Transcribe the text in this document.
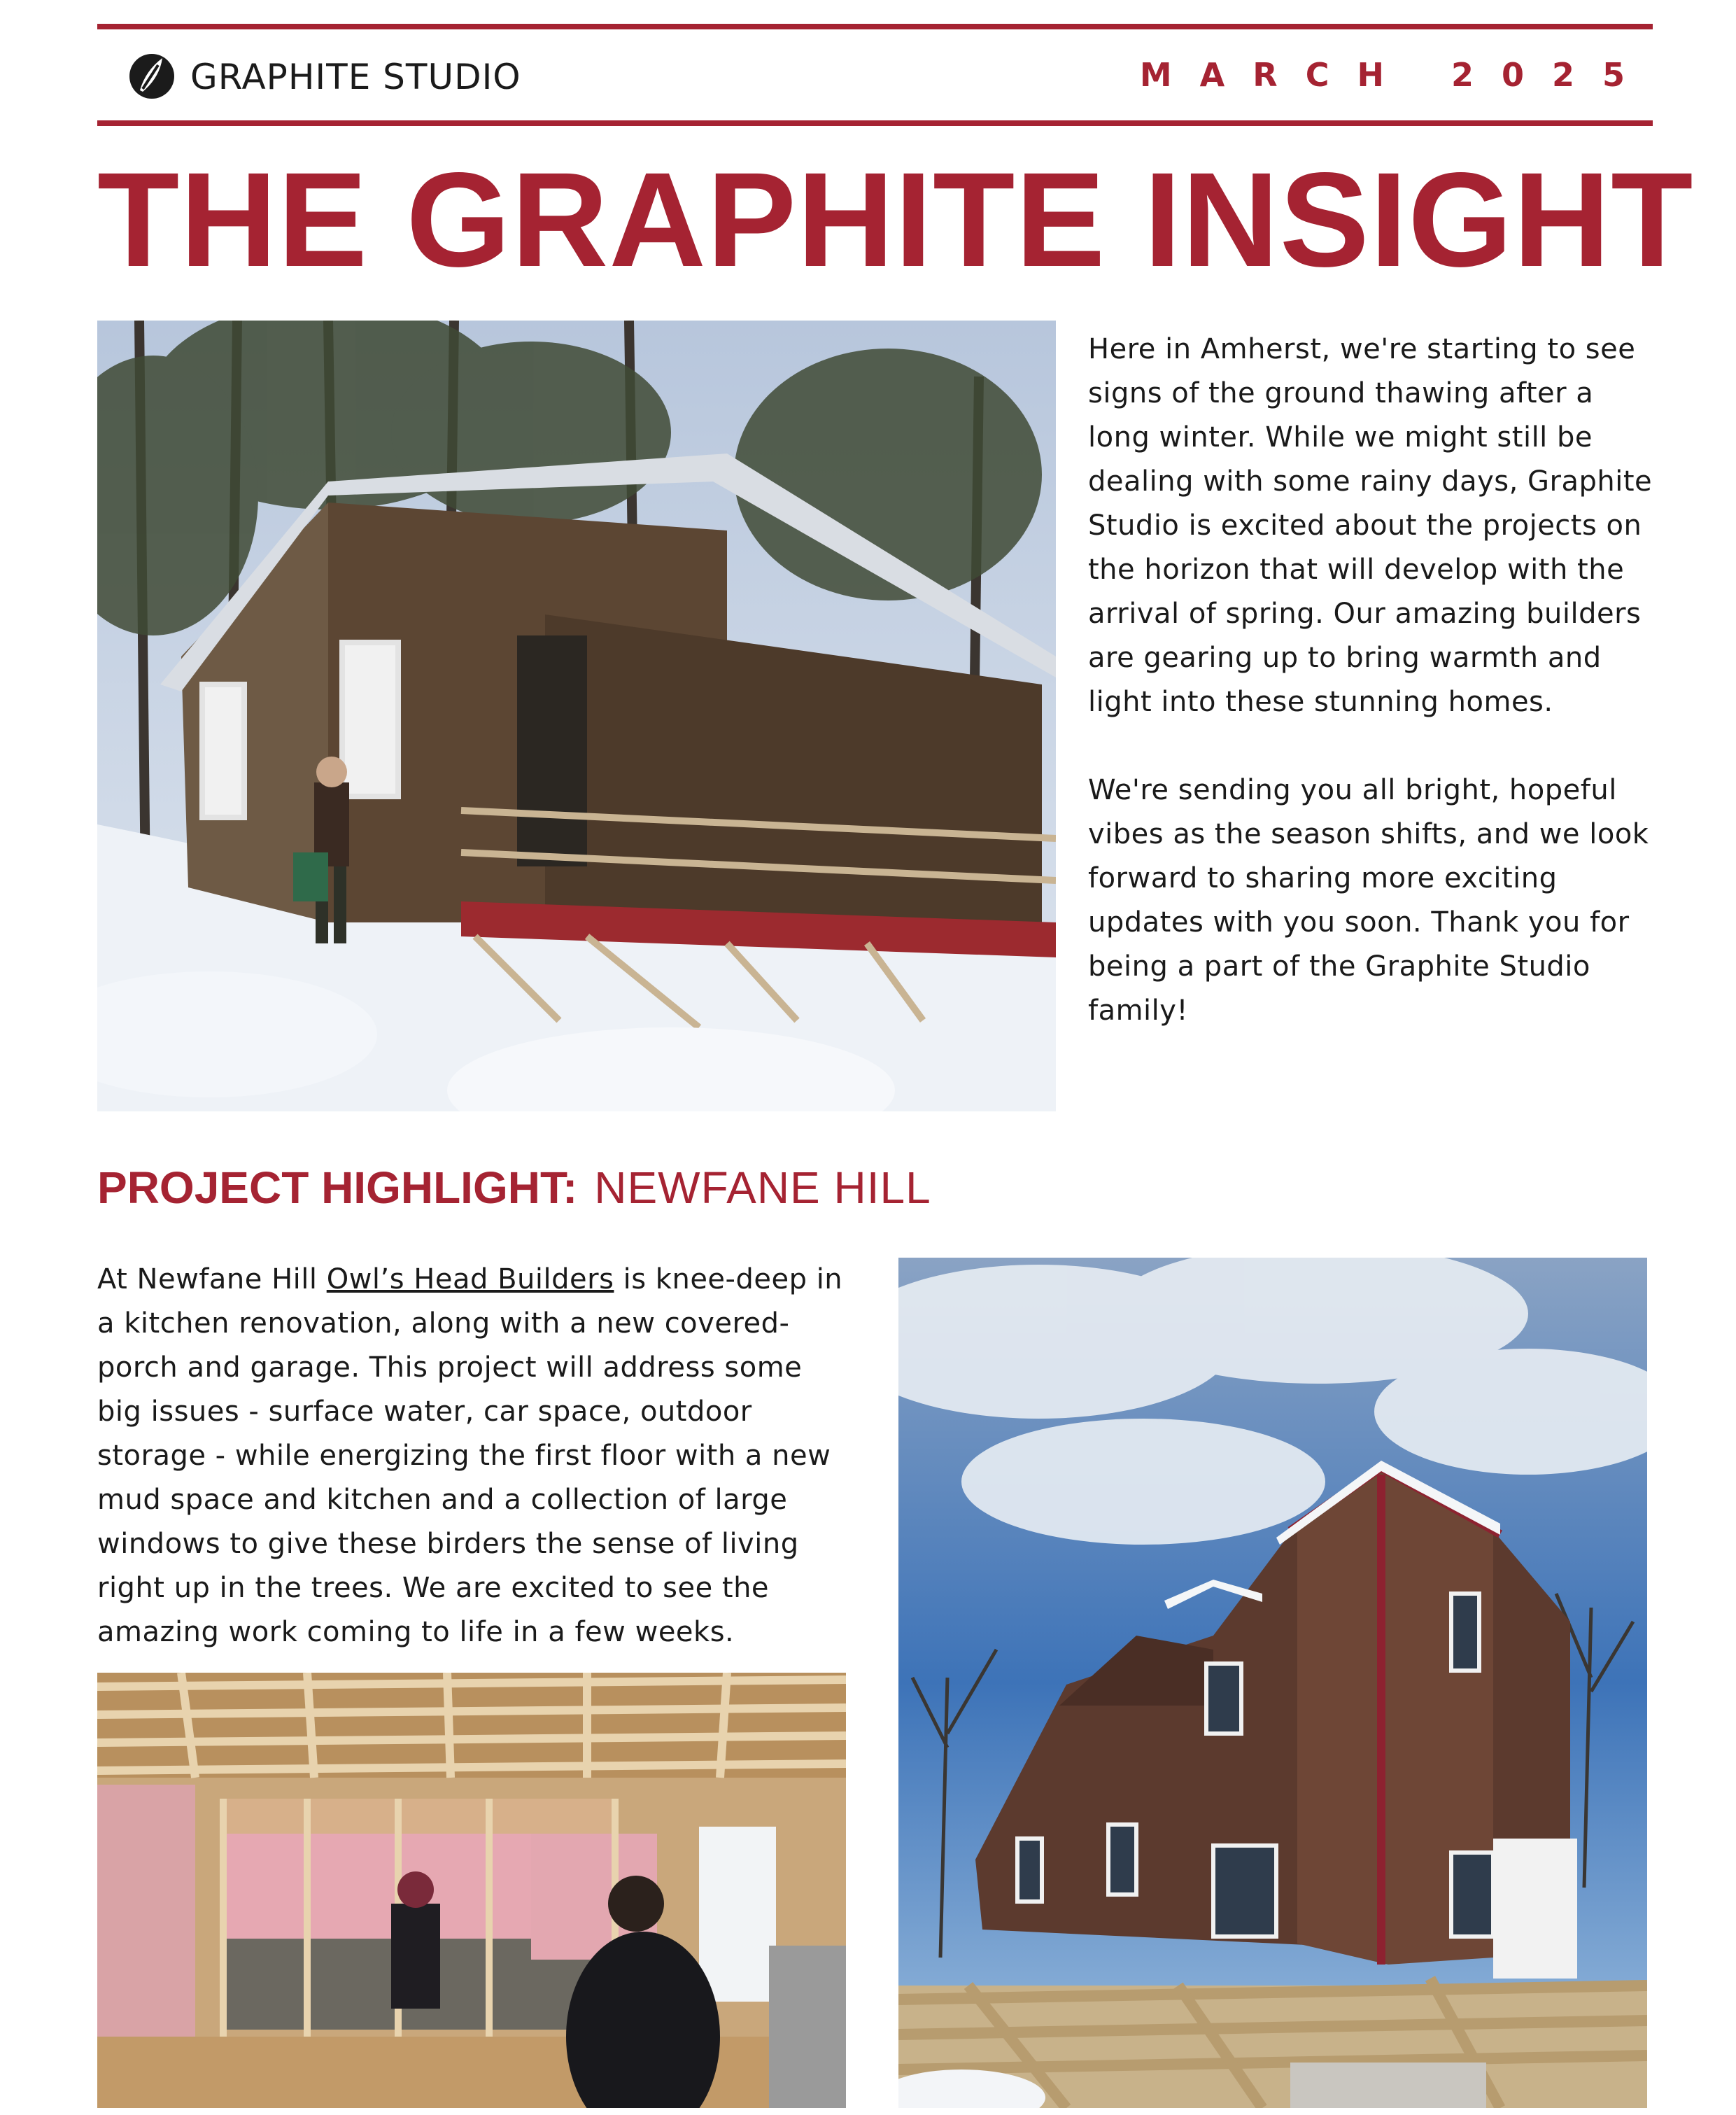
GRAPHITE STUDIO	MARCH 2025
THE GRAPHITE INSIGHT

Here in Amherst, we're starting to see signs of the ground thawing after a long winter. While we might still be dealing with some rainy days, Graphite Studio is excited about the projects on the horizon that will develop with the arrival of spring. Our amazing builders are gearing up to bring warmth and light into these stunning homes.

We're sending you all bright, hopeful vibes as the season shifts, and we look forward to sharing more exciting updates with you soon. Thank you for being a part of the Graphite Studio family!

PROJECT HIGHLIGHT: NEWFANE HILL
At Newfane Hill Owl’s Head Builders is knee-deep in a kitchen renovation, along with a new covered-porch and garage. This project will address some big issues - surface water, car space, outdoor storage - while energizing the first floor with a new mud space and kitchen and a collection of large windows to give these birders the sense of living right up in the trees. We are excited to see the amazing work coming to life in a few weeks.
